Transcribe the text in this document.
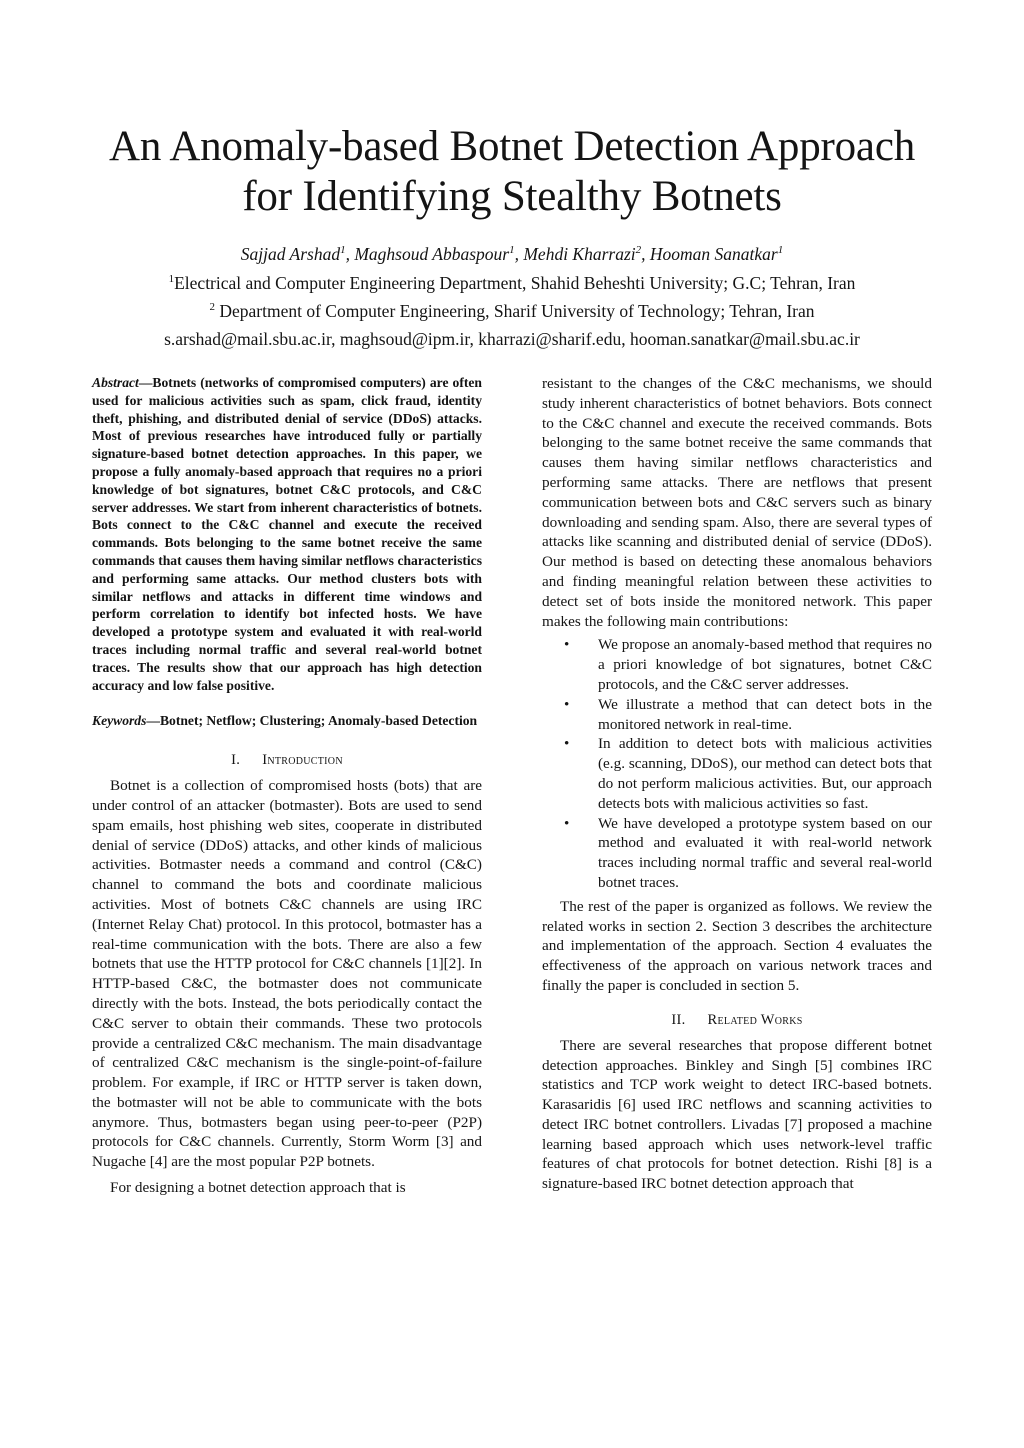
An Anomaly-based Botnet Detection Approach
for Identifying Stealthy Botnets
Sajjad Arshad$^1$, Maghsoud Abbaspour$^1$, Mehdi Kharrazi$^2$, Hooman Sanatkar$^1$
$^1$Electrical and Computer Engineering Department, Shahid Beheshti University; G.C; Tehran, Iran
$^2$ Department of Computer Engineering, Sharif University of Technology; Tehran, Iran
s.arshad@mail.sbu.ac.ir, maghsoud@ipm.ir, kharrazi@sharif.edu, hooman.sanatkar@mail.sbu.ac.ir
Abstract—Botnets (networks of compromised computers) are often used for malicious activities such as spam, click fraud, identity theft, phishing, and distributed denial of service (DDoS) attacks. Most of previous researches have introduced fully or partially signature-based botnet detection approaches. In this paper, we propose a fully anomaly-based approach that requires no a priori knowledge of bot signatures, botnet C&C protocols, and C&C server addresses. We start from inherent characteristics of botnets. Bots connect to the C&C channel and execute the received commands. Bots belonging to the same botnet receive the same commands that causes them having similar netflows characteristics and performing same attacks. Our method clusters bots with similar netflows and attacks in different time windows and perform correlation to identify bot infected hosts. We have developed a prototype system and evaluated it with real-world traces including normal traffic and several real-world botnet traces. The results show that our approach has high detection accuracy and low false positive.
Keywords—Botnet; Netflow; Clustering; Anomaly-based Detection
I. Introduction

Botnet is a collection of compromised hosts (bots) that are under control of an attacker (botmaster). Bots are used to send spam emails, host phishing web sites, cooperate in distributed denial of service (DDoS) attacks, and other kinds of malicious activities. Botmaster needs a command and control (C&C) channel to command the bots and coordinate malicious activities. Most of botnets C&C channels are using IRC (Internet Relay Chat) protocol. In this protocol, botmaster has a real-time communication with the bots. There are also a few botnets that use the HTTP protocol for C&C channels [1][2]. In HTTP-based C&C, the botmaster does not communicate directly with the bots. Instead, the bots periodically contact the C&C server to obtain their commands. These two protocols provide a centralized C&C mechanism. The main disadvantage of centralized C&C mechanism is the single-point-of-failure problem. For example, if IRC or HTTP server is taken down, the botmaster will not be able to communicate with the bots anymore. Thus, botmasters began using peer-to-peer (P2P) protocols for C&C channels. Currently, Storm Worm [3] and Nugache [4] are the most popular P2P botnets.

For designing a botnet detection approach that is

resistant to the changes of the C&C mechanisms, we should study inherent characteristics of botnet behaviors. Bots connect to the C&C channel and execute the received commands. Bots belonging to the same botnet receive the same commands that causes them having similar netflows characteristics and performing same attacks. There are netflows that present communication between bots and C&C servers such as binary downloading and sending spam. Also, there are several types of attacks like scanning and distributed denial of service (DDoS). Our method is based on detecting these anomalous behaviors and finding meaningful relation between these activities to detect set of bots inside the monitored network. This paper makes the following main contributions:

• We propose an anomaly-based method that requires no a priori knowledge of bot signatures, botnet C&C protocols, and the C&C server addresses.
• We illustrate a method that can detect bots in the monitored network in real-time.
• In addition to detect bots with malicious activities (e.g. scanning, DDoS), our method can detect bots that do not perform malicious activities. But, our approach detects bots with malicious activities so fast.
• We have developed a prototype system based on our method and evaluated it with real-world network traces including normal traffic and several real-world botnet traces.

The rest of the paper is organized as follows. We review the related works in section 2. Section 3 describes the architecture and implementation of the approach. Section 4 evaluates the effectiveness of the approach on various network traces and finally the paper is concluded in section 5.

II. Related Works

There are several researches that propose different botnet detection approaches. Binkley and Singh [5] combines IRC statistics and TCP work weight to detect IRC-based botnets. Karasaridis [6] used IRC netflows and scanning activities to detect IRC botnet controllers. Livadas [7] proposed a machine learning based approach which uses network-level traffic features of chat protocols for botnet detection. Rishi [8] is a signature-based IRC botnet detection approach that
